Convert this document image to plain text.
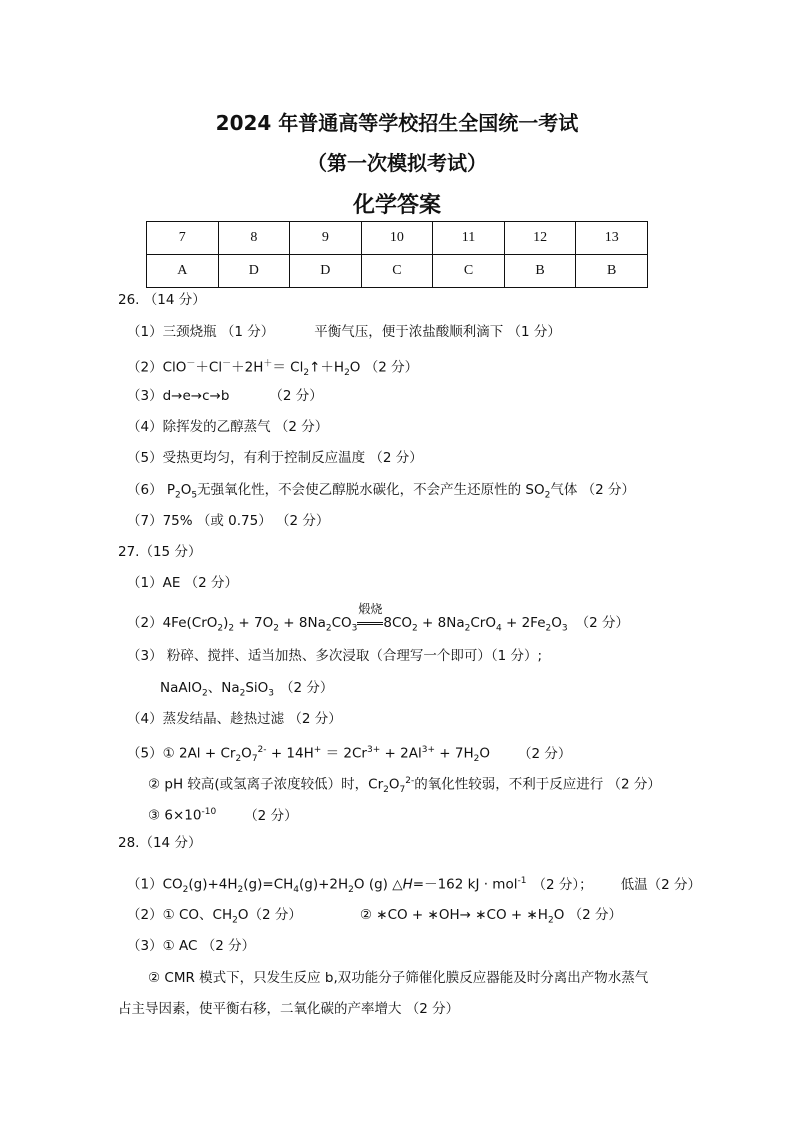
2024 年普通高等学校招生全国统一考试
（第一次模拟考试）
化学答案
7	8	9	10	11	12	13
A	D	D	C	C	B	B
26. （14 分）
（1）三颈烧瓶 （1 分）	平衡气压，便于浓盐酸顺利滴下 （1 分）
$(2)ClO^-+Cl^-+2H^+= Cl_2↑+H_2O$ （2 分）
（3）d→e→c→b	（2 分）
（4）除挥发的乙醇蒸气 （2 分）
（5）受热更均匀，有利于控制反应温度 （2 分）
（6） $P_2O_5$无强氧化性，不会使乙醇脱水碳化，不会产生还原性的 $SO_2$气体 （2 分）
（7）75% （或 0.75） （2 分）
27.（15 分）
（1）AE （2 分）
$(2)4Fe(CrO_2)_2 + 7O_2 + 8Na_2CO_3$
煅烧
$8CO_2 + 8Na_2CrO_4 + 2Fe_2O_3$ （2 分）
（3） 粉碎、搅拌、适当加热、多次浸取（合理写一个即可）（1 分）;
NaAlO$_2$、$Na_2SiO_3$ （2 分）
（4）蒸发结晶、趁热过滤 （2 分）
（5）① $2Al + Cr_2O_7^{2-} + 14H^+ = 2Cr^{3+} + 2Al^{3+} + 7H_2O$ （2 分）
② pH 较高(或氢离子浓度较低）时，$Cr_2O_7^{2-}$的氧化性较弱，不利于反应进行 （2 分）
③ $6\times 10^{-10}$ （2 分）
28.（14 分）
$(1)CO_2(g)+4H_2(g)=CH_4(g)+2H_2O$ (g) △H=－162 kJ · mol$^{-1}$ （2 分）； 低温（2 分）
（2）① CO、$CH_2O(2$ 分）	② ∗CO + ∗OH→ ∗CO + $∗H_2O$ （2 分）
（3）① AC （2 分）
② CMR 模式下，只发生反应 b,双功能分子筛催化膜反应器能及时分离出产物水蒸气
占主导因素，使平衡右移，二氧化碳的产率增大 （2 分）
